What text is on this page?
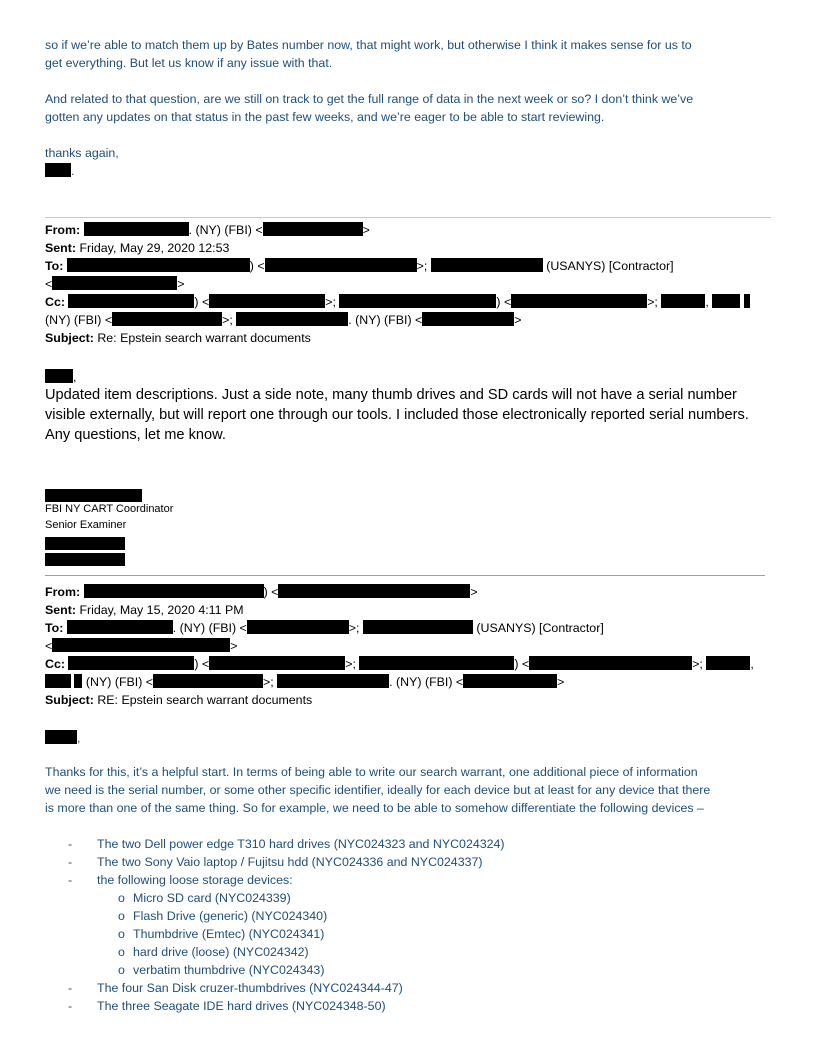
so if we’re able to match them up by Bates number now, that might work, but otherwise I think it makes sense for us to
get everything. But let us know if any issue with that.
And related to that question, are we still on track to get the full range of data in the next week or so? I don’t think we’ve
gotten any updates on that status in the past few weeks, and we’re eager to be able to start reviewing.
thanks again,
.
From:	. (NY) (FBI) <	>
Sent: Friday, May 29, 2020 12:53
To:	) <	>;	(USANYS) [Contractor]
<	>
Cc:	) <	>;	) <	>;	,
(NY) (FBI) <	>;	. (NY) (FBI) <	>
Subject: Re: Epstein search warrant documents
,
Updated item descriptions. Just a side note, many thumb drives and SD cards will not have a serial number
visible externally, but will report one through our tools. I included those electronically reported serial numbers.
Any questions, let me know.
FBI NY CART Coordinator
Senior Examiner
From:	) <	>
Sent: Friday, May 15, 2020 4:11 PM
To:	. (NY) (FBI) <	>;	(USANYS) [Contractor]
<	>
Cc:	) <	>;	) <	>;	,
(NY) (FBI) <	>;	. (NY) (FBI) <	>
Subject: RE: Epstein search warrant documents
,
Thanks for this, it’s a helpful start. In terms of being able to write our search warrant, one additional piece of information
we need is the serial number, or some other specific identifier, ideally for each device but at least for any device that there
is more than one of the same thing. So for example, we need to be able to somehow differentiate the following devices –
- The two Dell power edge T310 hard drives (NYC024323 and NYC024324)
- The two Sony Vaio laptop / Fujitsu hdd (NYC024336 and NYC024337)
- the following loose storage devices:
o Micro SD card (NYC024339)
o Flash Drive (generic) (NYC024340)
o Thumbdrive (Emtec) (NYC024341)
o hard drive (loose) (NYC024342)
o verbatim thumbdrive (NYC024343)
- The four San Disk cruzer-thumbdrives (NYC024344-47)
- The three Seagate IDE hard drives (NYC024348-50)
